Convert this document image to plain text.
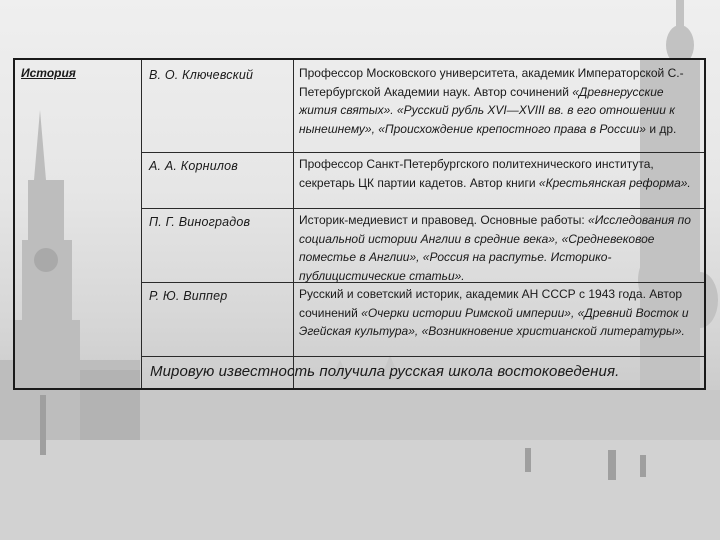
История	В. О. Ключевский	Профессор Московского университета, академик Императорской С.-Петербургской Академии наук. Автор сочинений «Древнерусские жития святых». «Русский рубль XVI—XVIII вв. в его отношении к нынешнему», «Происхождение крепостного права в России» и др.
А. А. Корнилов	Профессор Санкт-Петербургского политехнического института, секретарь ЦК партии кадетов. Автор книги «Крестьянская реформа».
П. Г. Виноградов	Историк-медиевист и правовед. Основные работы: «Исследования по социальной истории Англии в средние века», «Средневековое поместье в Англии», «Россия на распутье. Историко-публицистические статьи».
Р. Ю. Виппер	Русский и советский историк, академик АН СССР с 1943 года. Автор сочинений «Очерки истории Римской империи», «Древний Восток и Эгейская культура», «Возникновение христианской литературы».
Мировую известность получила русская школа востоковедения.
